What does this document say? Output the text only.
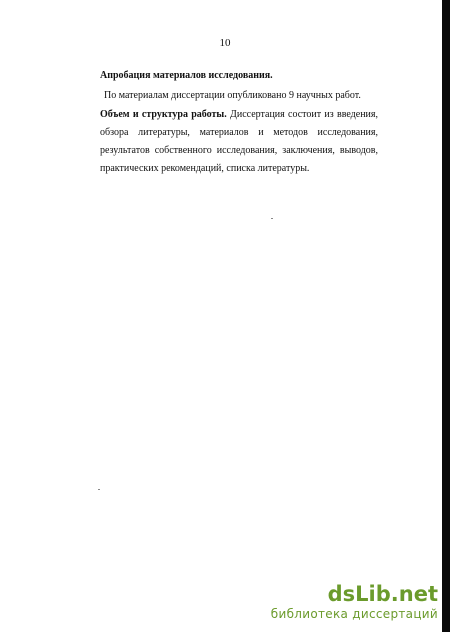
10

Апробация материалов исследования.

По материалам диссертации опубликовано 9 научных работ.

Объем и структура работы. Диссертация состоит из введения, обзора литературы, материалов и методов исследования, результатов собственного исследования, заключения, выводов, практических рекомендаций, списка литературы.

dsLib.net
библиотека диссертаций
